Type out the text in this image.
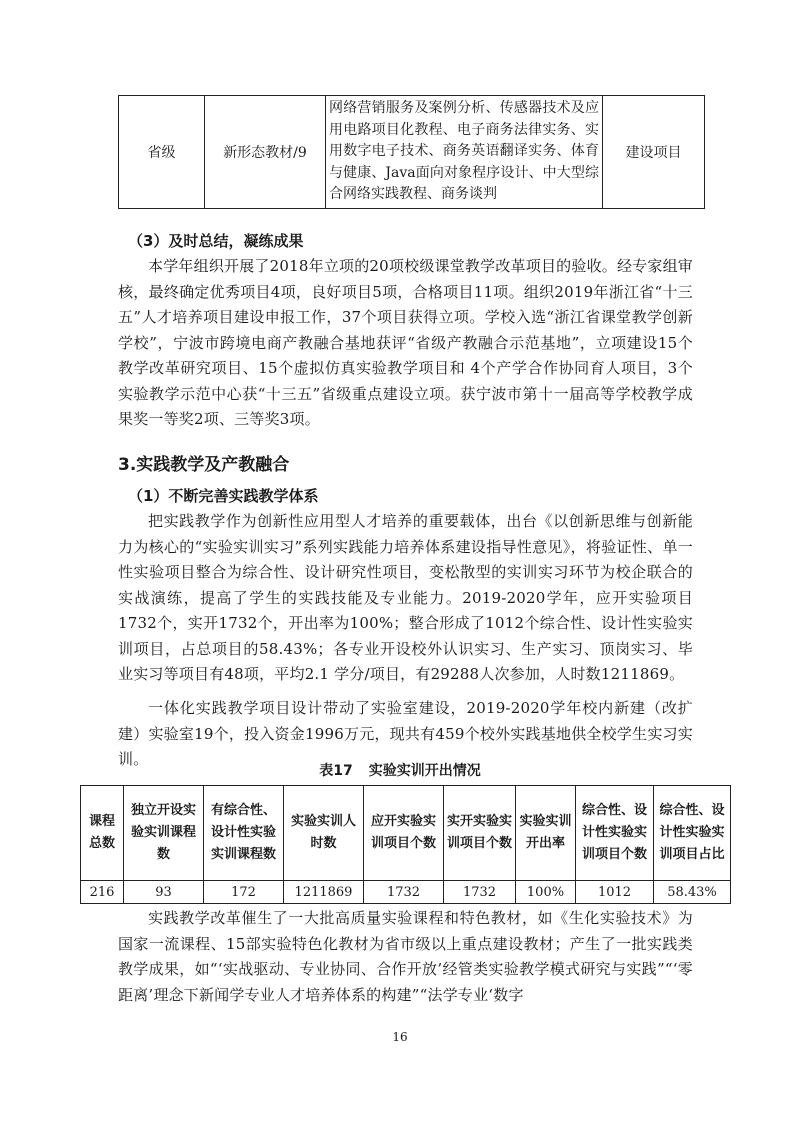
省级	新形态教材/9	网络营销服务及案例分析、传感器技术及应用电路项目化教程、电子商务法律实务、实用数字电子技术、商务英语翻译实务、体育与健康、Java面向对象程序设计、中大型综合网络实践教程、商务谈判	建设项目
（3）及时总结，凝练成果

本学年组织开展了2018年立项的20项校级课堂教学改革项目的验收。经专家组审核，最终确定优秀项目4项，良好项目5项，合格项目11项。组织2019年浙江省“十三五”人才培养项目建设申报工作，37个项目获得立项。学校入选“浙江省课堂教学创新学校”，宁波市跨境电商产教融合基地获评“省级产教融合示范基地”，立项建设15个教学改革研究项目、15个虚拟仿真实验教学项目和 4个产学合作协同育人项目，3个实验教学示范中心获“十三五”省级重点建设立项。获宁波市第十一届高等学校教学成果奖一等奖2项、三等奖3项。

3.实践教学及产教融合
（1）不断完善实践教学体系

把实践教学作为创新性应用型人才培养的重要载体，出台《以创新思维与创新能力为核心的“实验实训实习”系列实践能力培养体系建设指导性意见》，将验证性、单一性实验项目整合为综合性、设计研究性项目，变松散型的实训实习环节为校企联合的实战演练，提高了学生的实践技能及专业能力。2019-2020学年，应开实验项目1732个，实开1732个，开出率为100%；整合形成了1012个综合性、设计性实验实训项目，占总项目的58.43%；各专业开设校外认识实习、生产实习、顶岗实习、毕业实习等项目有48项，平均2.1 学分/项目，有29288人次参加，人时数1211869。

一体化实践教学项目设计带动了实验室建设，2019-2020学年校内新建（改扩建）实验室19个，投入资金1996万元，现共有459个校外实践基地供全校学生实习实训。

表17 实验实训开出情况
课程总数	独立开设实验实训课程数	有综合性、设计性实验实训课程数	实验实训人时数	应开实验实训项目个数	实开实验实训项目个数	实验实训开出率	综合性、设计性实验实训项目个数	综合性、设计性实验实训项目占比
216	93	172	1211869	1732	1732	100%	1012	58.43%

实践教学改革催生了一大批高质量实验课程和特色教材，如《生化实验技术》为国家一流课程、15部实验特色化教材为省市级以上重点建设教材；产生了一批实践类教学成果，如“‘实战驱动、专业协同、合作开放’经管类实验教学模式研究与实践”“‘零距离’理念下新闻学专业人才培养体系的构建”“法学专业‘数字

16
